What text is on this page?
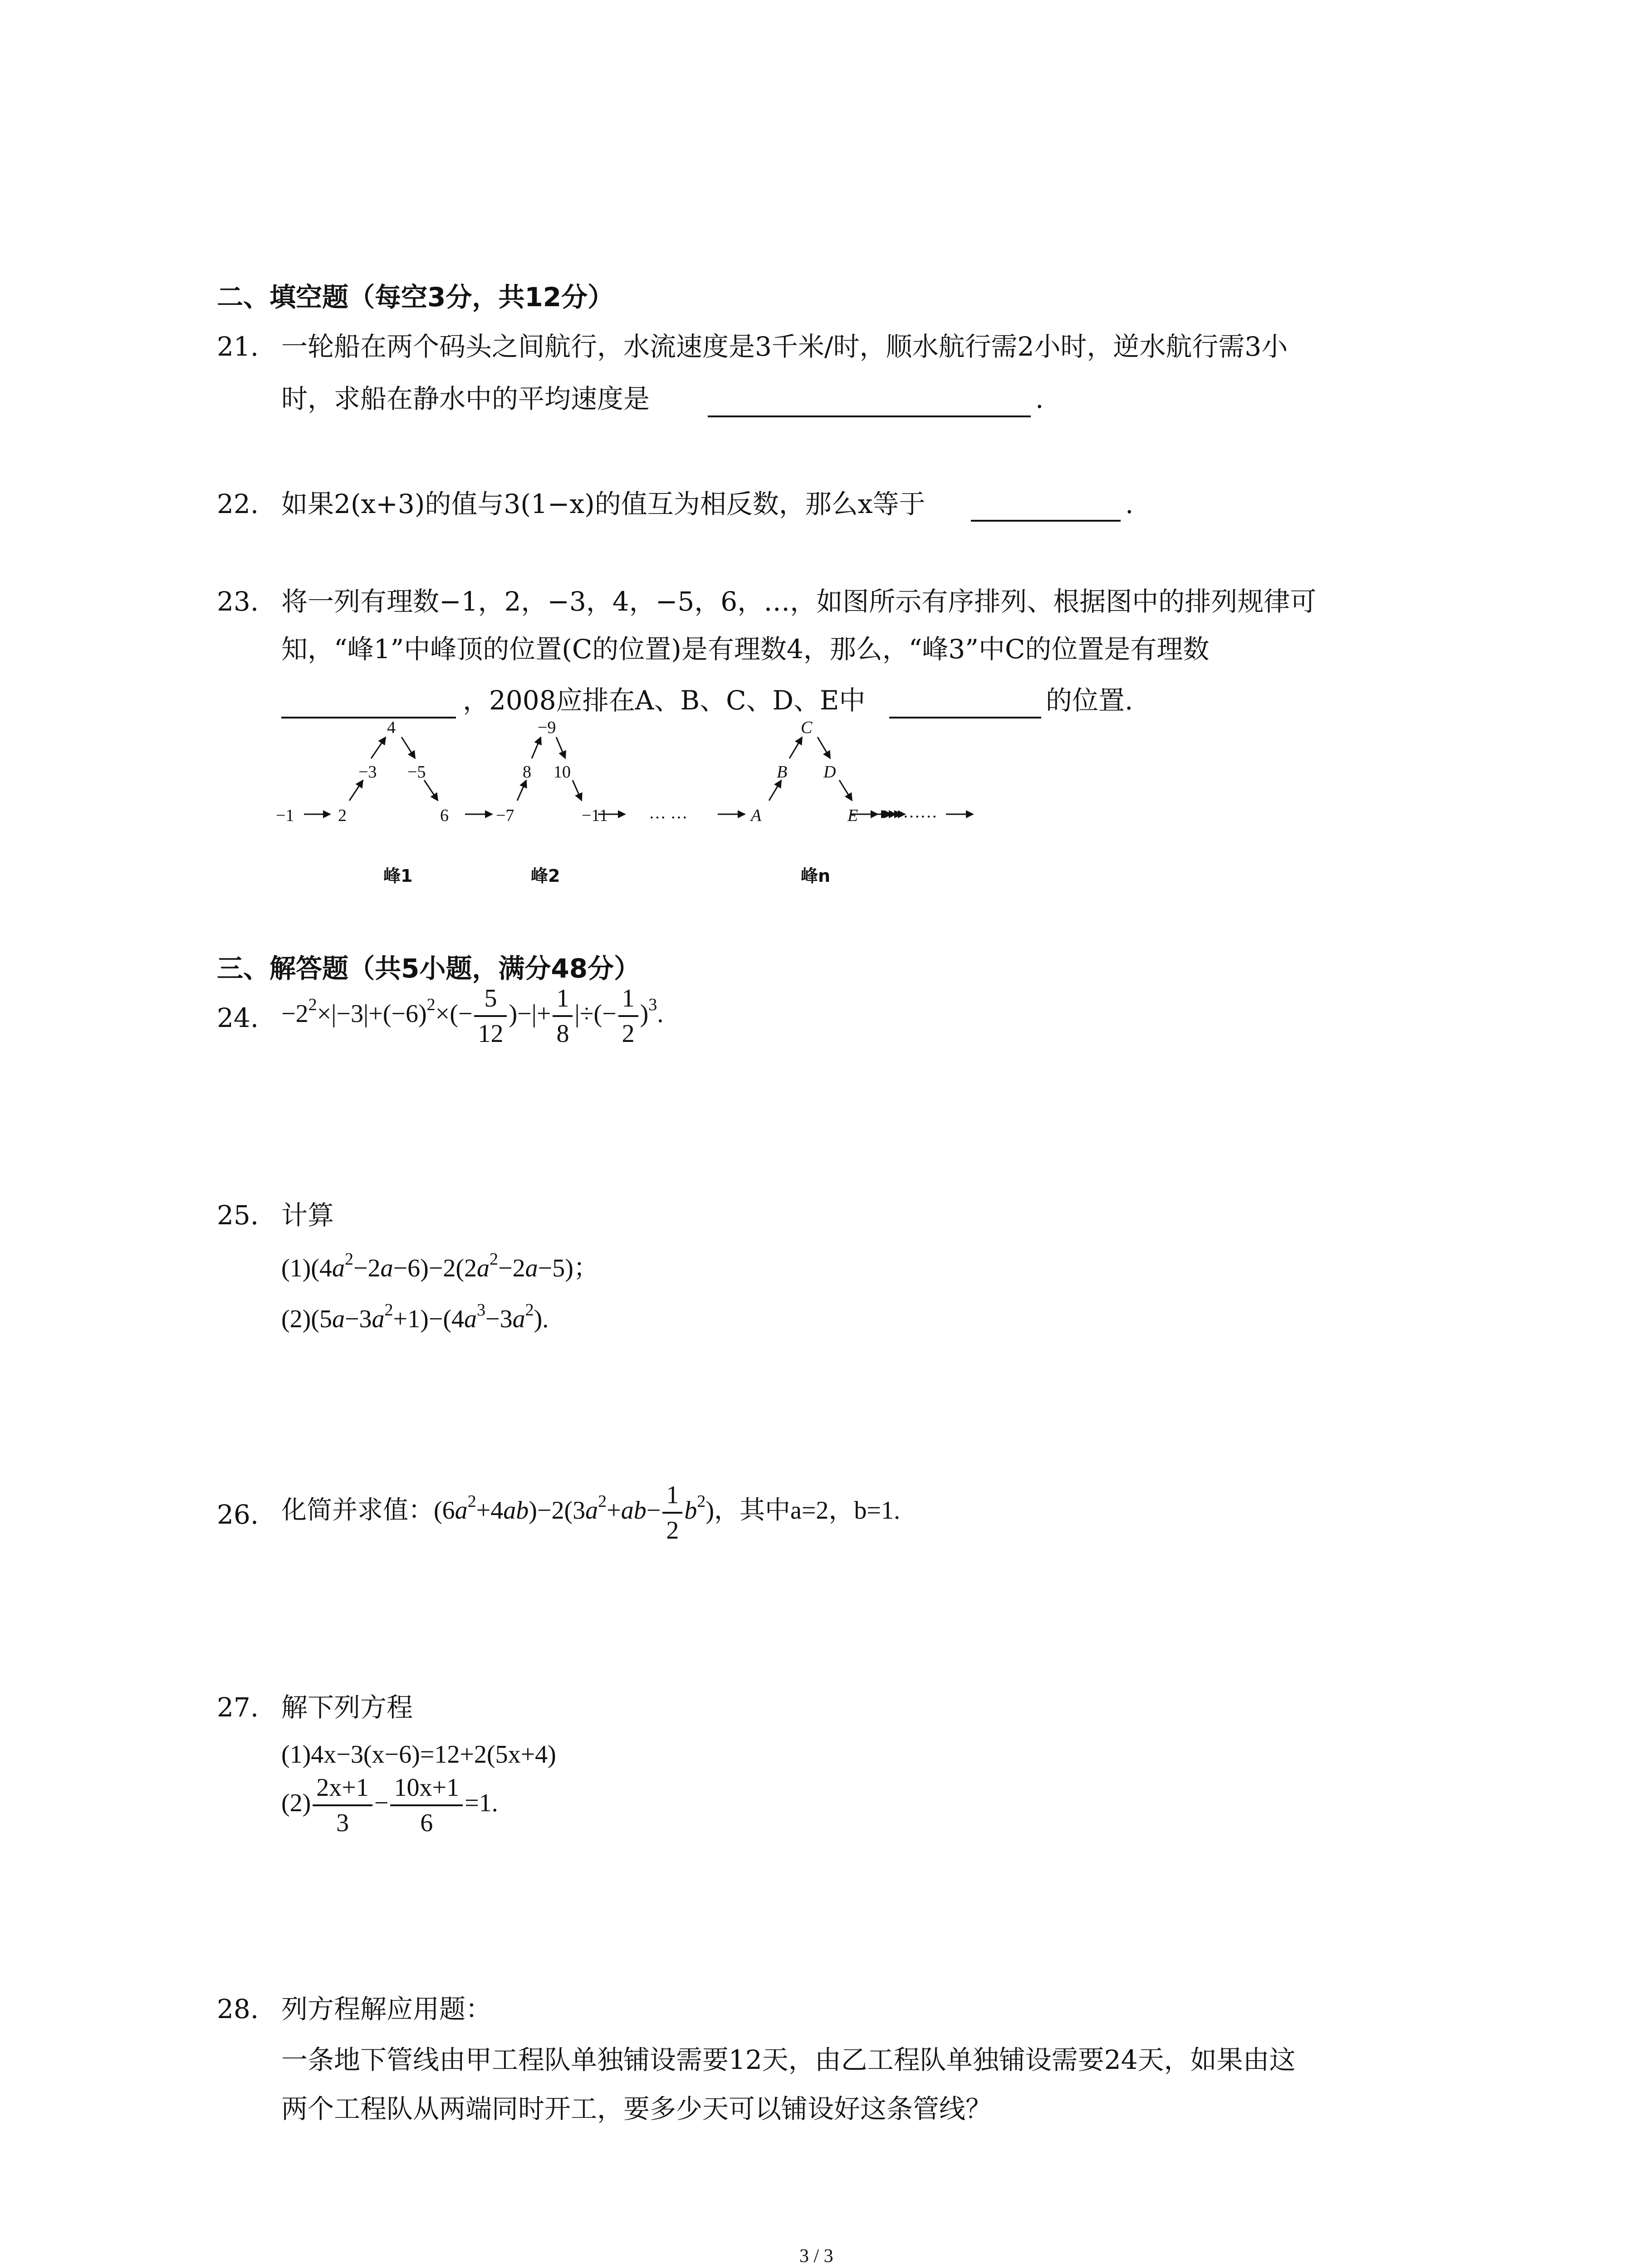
二、填空题（每空3分，共12分）
21. 一轮船在两个码头之间航行，水流速度是3千米/时，顺水航行需2小时，逆水航行需3小
时，求船在静水中的平均速度是	.
22. 如果2(x+3)的值与3(1−x)的值互为相反数，那么x等于	.
23. 将一列有理数−1，2，−3，4，−5，6，…，如图所示有序排列、根据图中的排列规律可
知，“峰1”中峰顶的位置(C的位置)是有理数4，那么，“峰3”中C的位置是有理数
，2008应排在A、B、C、D、E中	的位置.
−1	2
−3
4
−5
6	−7
8
−9
10
−11 … …	A
B
C
D
E	……
峰1	峰2	峰n
三、解答题（共5小题，满分48分）
24. $-2^2\times|-3|+(-6)^2\times(- \frac{5}{12}$ )−|+ $\frac{1}{8}$ |÷(− $\frac{1}{2} )^3$.
25. 计算
$(1)(4a^2-2a-6)-2(2a^2-2a-5)$；
$(2)(5a-3a^2+1)-(4a^3-3a^2)$.
26. 化简并求值：$(6a^2+4ab)-2(3a^2+ab- \frac{1}{2} b^2)$，其中a=2，b=1.
27. 解下列方程
(1)4x−3(x−6)=12+2(5x+4)
$(2) \frac{2x+1}{3} - \frac{10x+1}{6} =1$.
28. 列方程解应用题：
一条地下管线由甲工程队单独铺设需要12天，由乙工程队单独铺设需要24天，如果由这
两个工程队从两端同时开工，要多少天可以铺设好这条管线？
3 / 3
